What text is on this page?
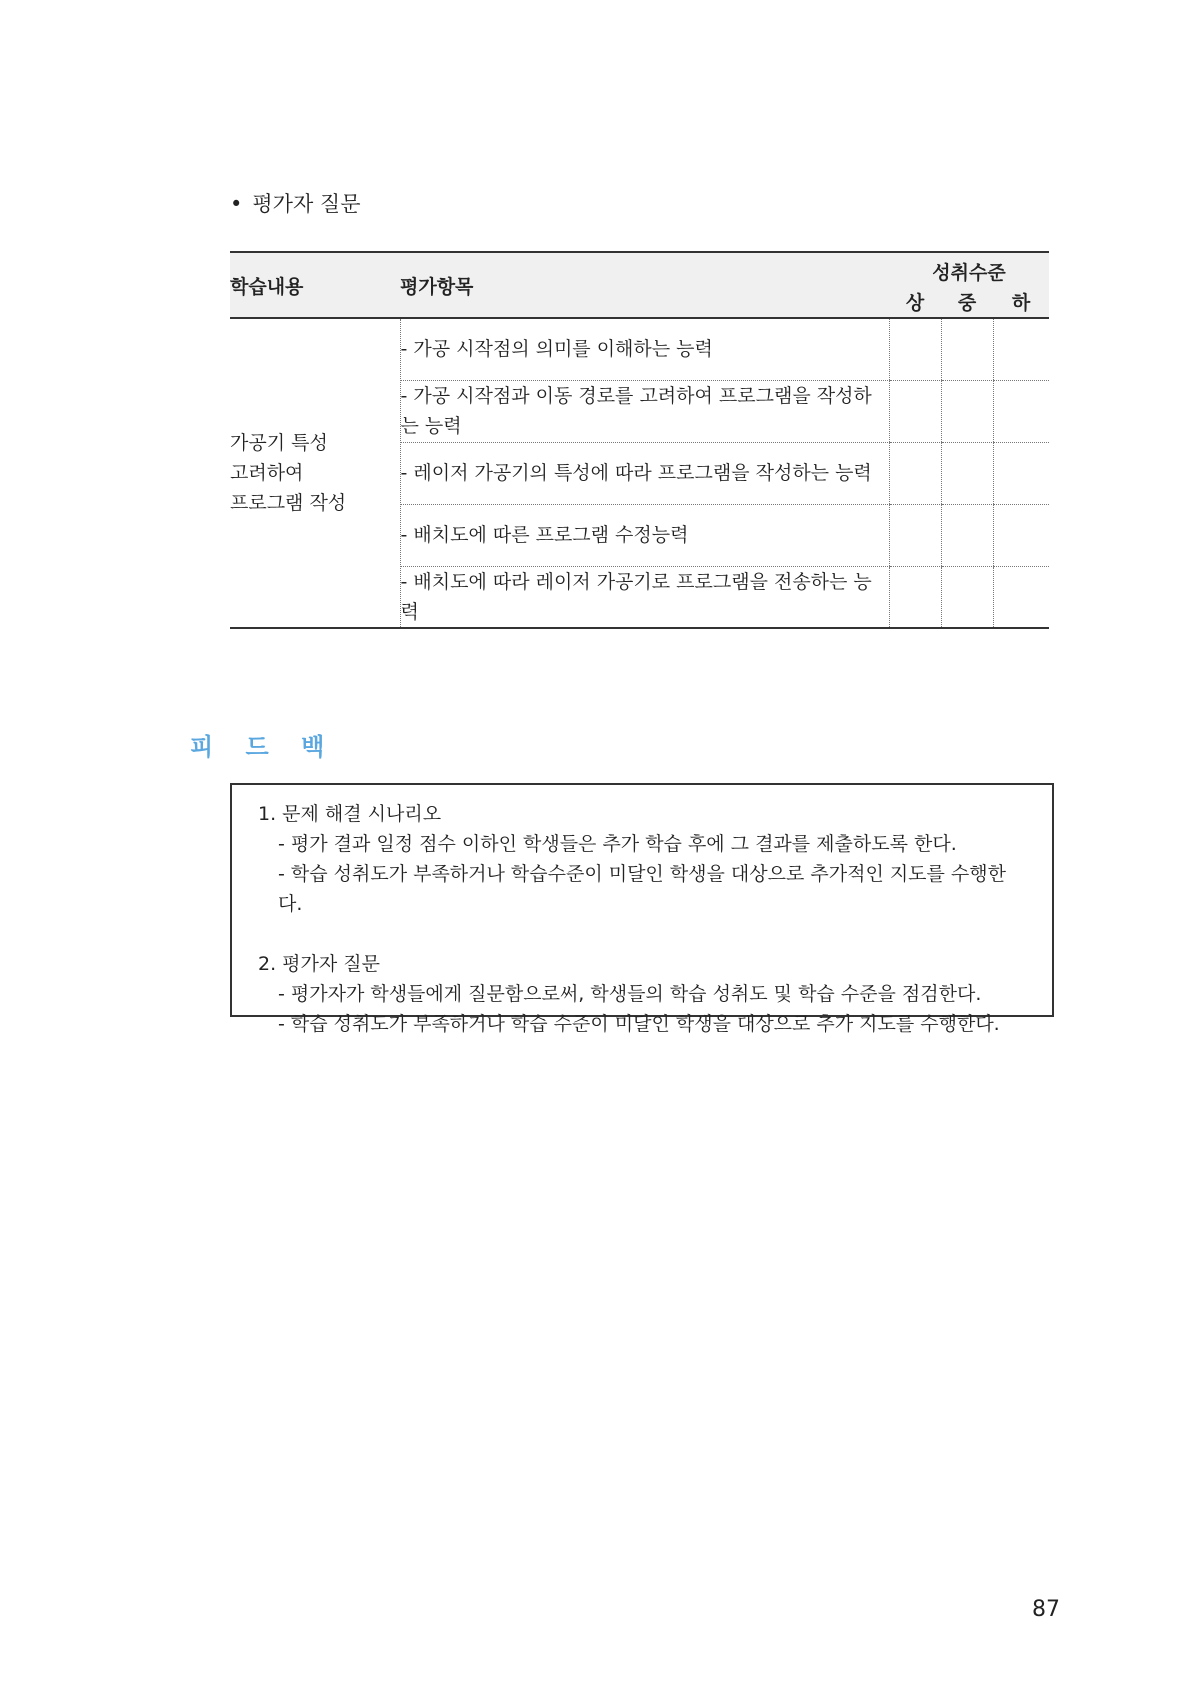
• 평가자 질문
학습내용	평가항목	성취수준		
		상	중	하

가공기 특성
고려하여
프로그램 작성	- 가공 시작점의 의미를 이해하는 능력			
	- 가공 시작점과 이동 경로를 고려하여 프로그램을 작성하는 능력			
	- 레이저 가공기의 특성에 따라 프로그램을 작성하는 능력			
	- 배치도에 따른 프로그램 수정능력			
	- 배치도에 따라 레이저 가공기로 프로그램을 전송하는 능력			
피 드 백

1. 문제 해결 시나리오

- 평가 결과 일정 점수 이하인 학생들은 추가 학습 후에 그 결과를 제출하도록 한다.

- 학습 성취도가 부족하거나 학습수준이 미달인 학생을 대상으로 추가적인 지도를 수행한다.

2. 평가자 질문

- 평가자가 학생들에게 질문함으로써, 학생들의 학습 성취도 및 학습 수준을 점검한다.

- 학습 성취도가 부족하거나 학습 수준이 미달인 학생을 대상으로 추가 지도를 수행한다.

87
